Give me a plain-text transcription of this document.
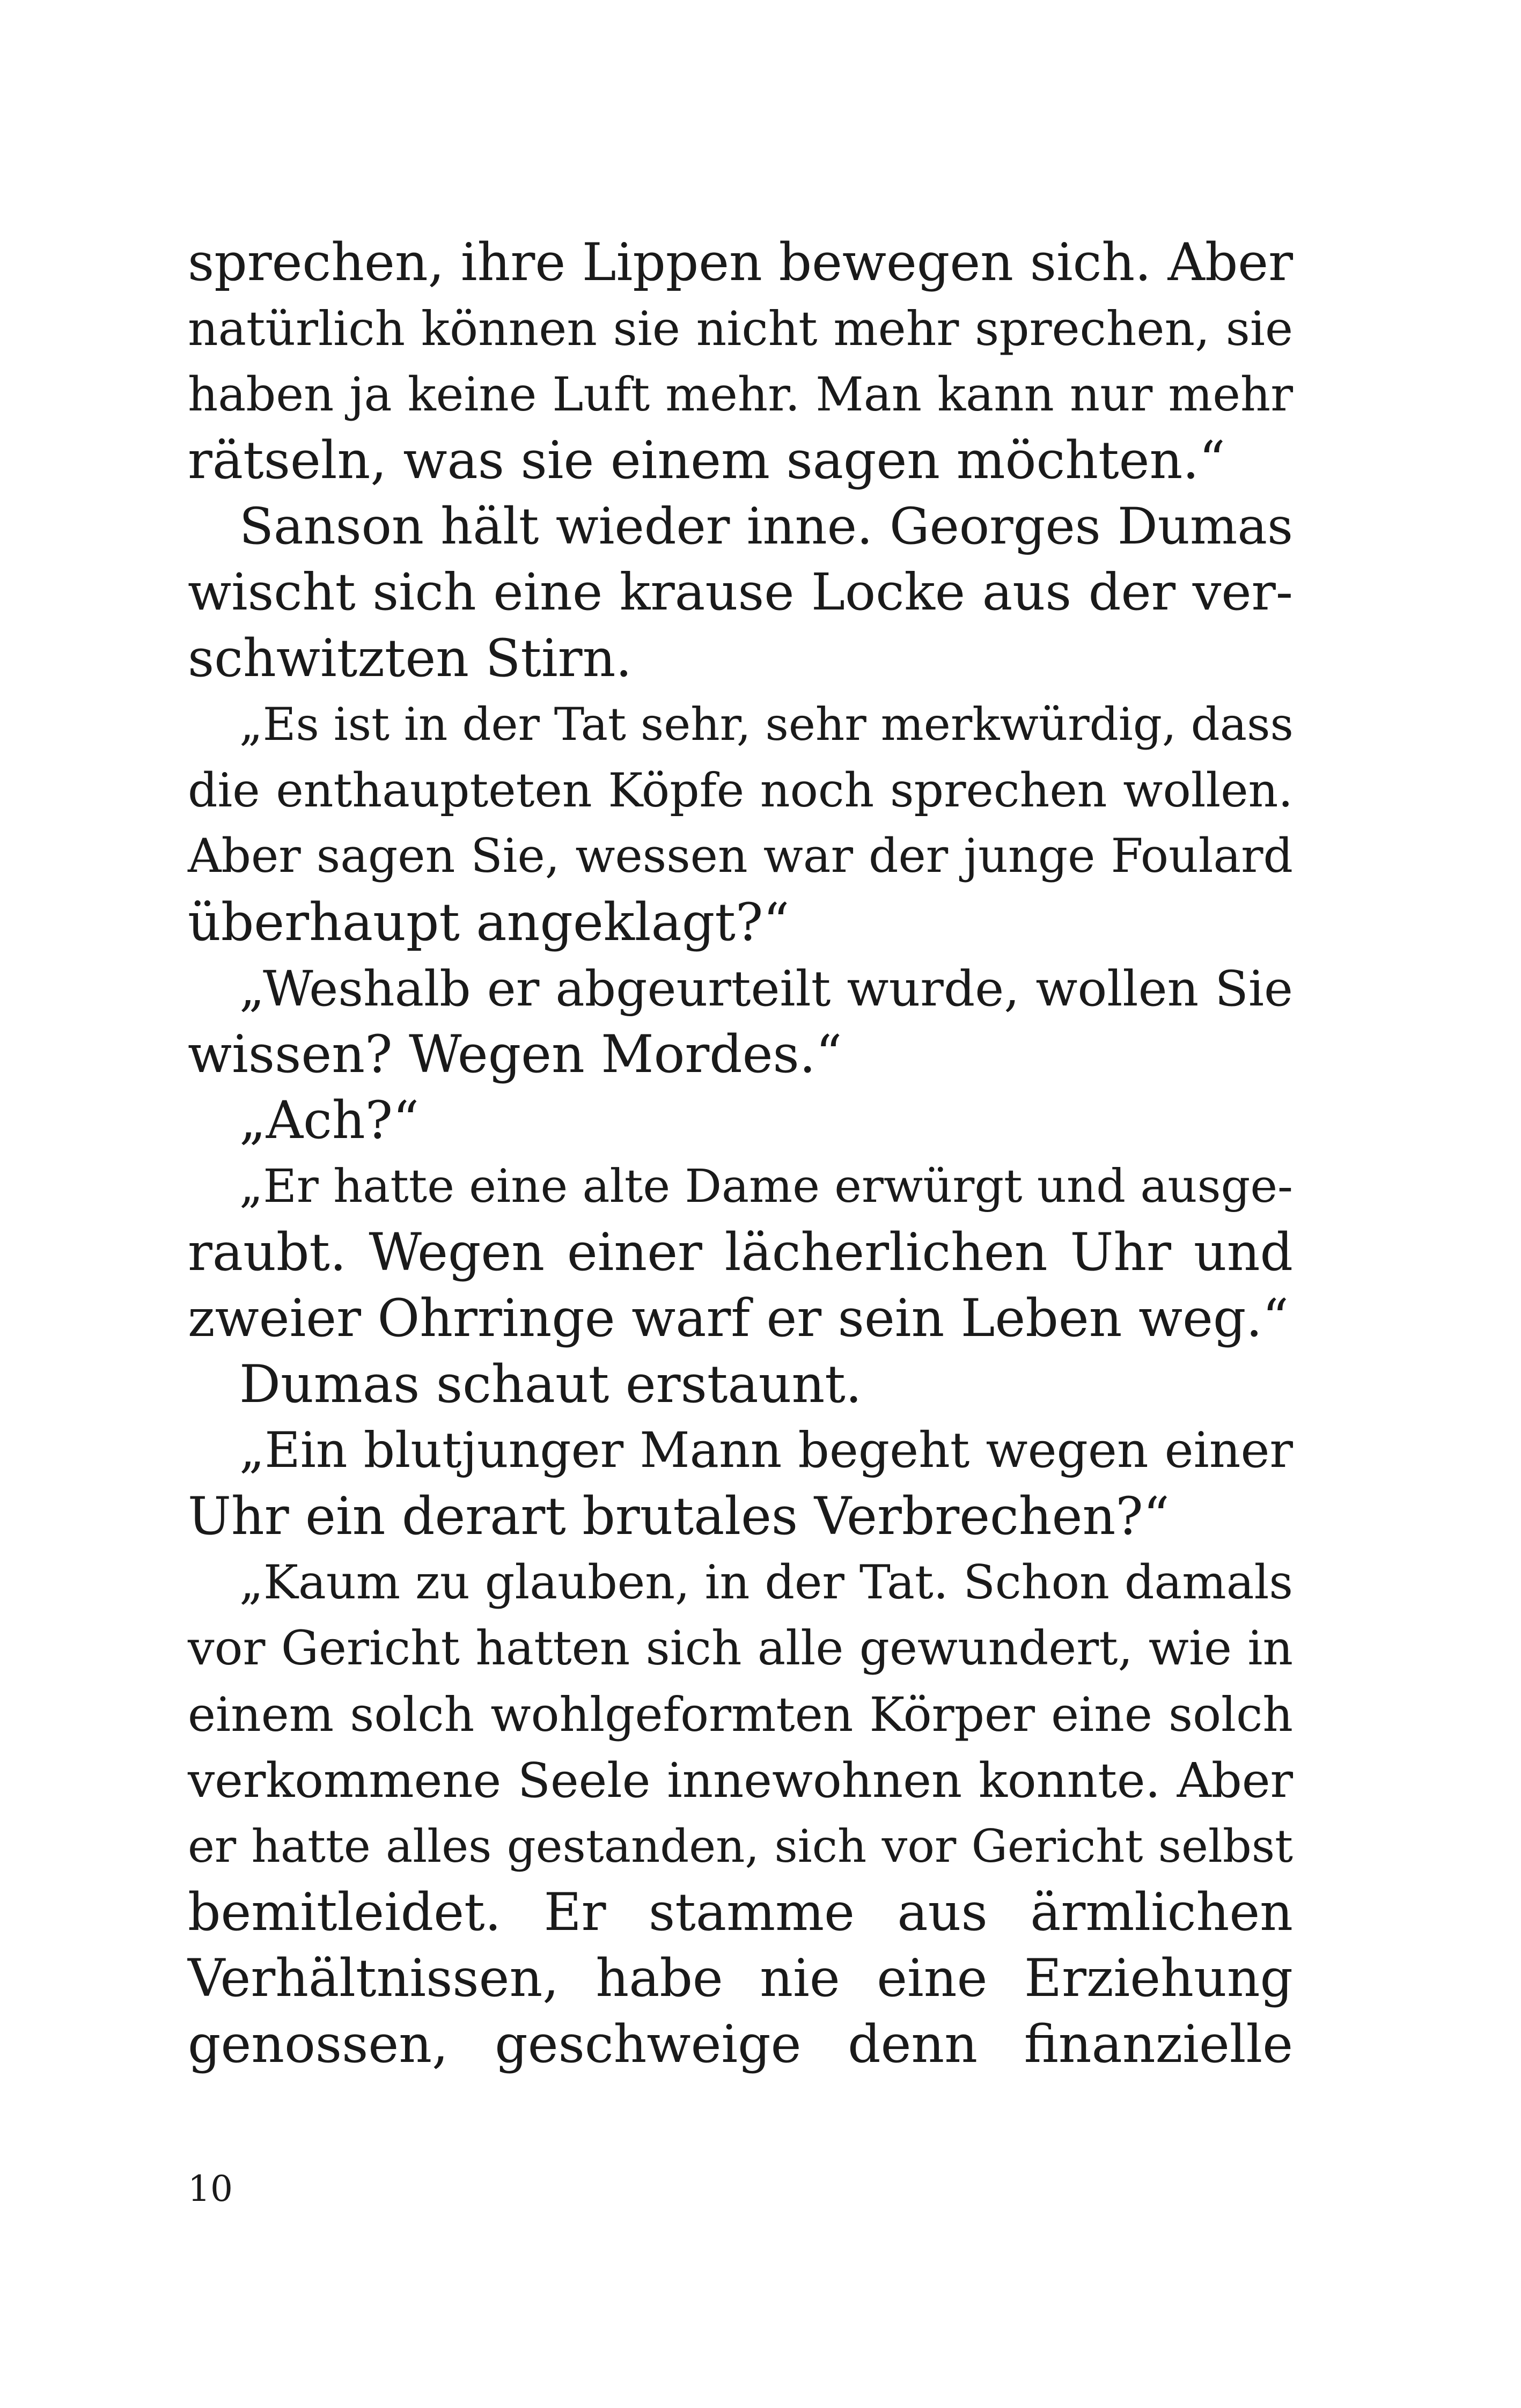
sprechen, ihre Lippen bewegen sich. Aber
natürlich können sie nicht mehr sprechen, sie
haben ja keine Luft mehr. Man kann nur mehr
rätseln, was sie einem sagen möchten.“
Sanson hält wieder inne. Georges Dumas
wischt sich eine krause Locke aus der ver-
schwitzten Stirn.
„Es ist in der Tat sehr, sehr merkwürdig, dass
die enthaupteten Köpfe noch sprechen wollen.
Aber sagen Sie, wessen war der junge Foulard
überhaupt angeklagt?“
„Weshalb er abgeurteilt wurde, wollen Sie
wissen? Wegen Mordes.“
„Ach?“
„Er hatte eine alte Dame erwürgt und ausge-
raubt. Wegen einer lächerlichen Uhr und
zweier Ohrringe warf er sein Leben weg.“
Dumas schaut erstaunt.
„Ein blutjunger Mann begeht wegen einer
Uhr ein derart brutales Verbrechen?“
„Kaum zu glauben, in der Tat. Schon damals
vor Gericht hatten sich alle gewundert, wie in
einem solch wohlgeformten Körper eine solch
verkommene Seele innewohnen konnte. Aber
er hatte alles gestanden, sich vor Gericht selbst
bemitleidet. Er stamme aus ärmlichen
Verhältnissen, habe nie eine Erziehung
genossen, geschweige denn finanzielle
10
